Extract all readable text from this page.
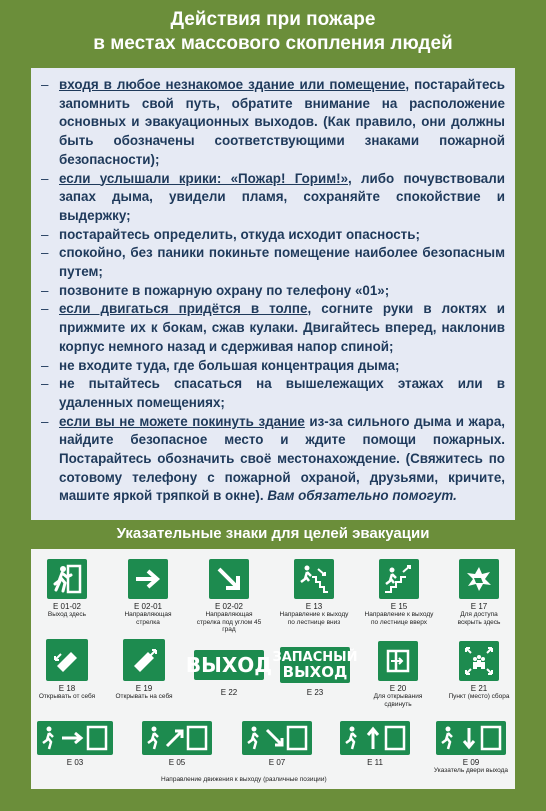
Действия при пожаре
в местах массового скопления людей
– входя в любое незнакомое здание или помещение, постарайтесь запомнить свой путь, обратите внимание на расположение основных и эвакуационных выходов. (Как правило, они должны быть обозначены соответствующими знаками пожарной безопасности);
– если услышали крики: «Пожар! Горим!», либо почувствовали запах дыма, увидели пламя, сохраняйте спокойствие и выдержку;
– постарайтесь определить, откуда исходит опасность;
– спокойно, без паники покиньте помещение наиболее безопасным путем;
– позвоните в пожарную охрану по телефону «01»;
– если двигаться придётся в толпе, согните руки в локтях и прижмите их к бокам, сжав кулаки. Двигайтесь вперед, наклонив корпус немного назад и сдерживая напор спиной;
– не входите туда, где большая концентрация дыма;
– не пытайтесь спасаться на вышележащих этажах или в удаленных помещениях;
– если вы не можете покинуть здание из-за сильного дыма и жара, найдите безопасное место и ждите помощи пожарных. Постарайтесь обозначить своё местонахождение. (Свяжитесь по сотовому телефону с пожарной охраной, друзьями, кричите, машите яркой тряпкой в окне). Вам обязательно помогут.
Указательные знаки для целей эвакуации
E 01-02
Выход здесь
E 02-01
Направляющая стрелка
E 02-02
Направляющая стрелка под углом 45 град
E 13
Направление к выходу по лестнице вниз
E 15
Направление к выходу по лестнице вверх
E 17
Для доступа вскрыть здесь
E 18
Открывать от себя
E 19
Открывать на себя
ВЫХОД
E 22
ЗАПАСНЫЙ
ВЫХОД
E 23	E 20
Для открывания сдвинуть
E 21
Пункт (место) сбора
E 03	E 05	E 07	E 11	E 09
Указатель двери выхода
Направление движения к выходу (различные позиции)
